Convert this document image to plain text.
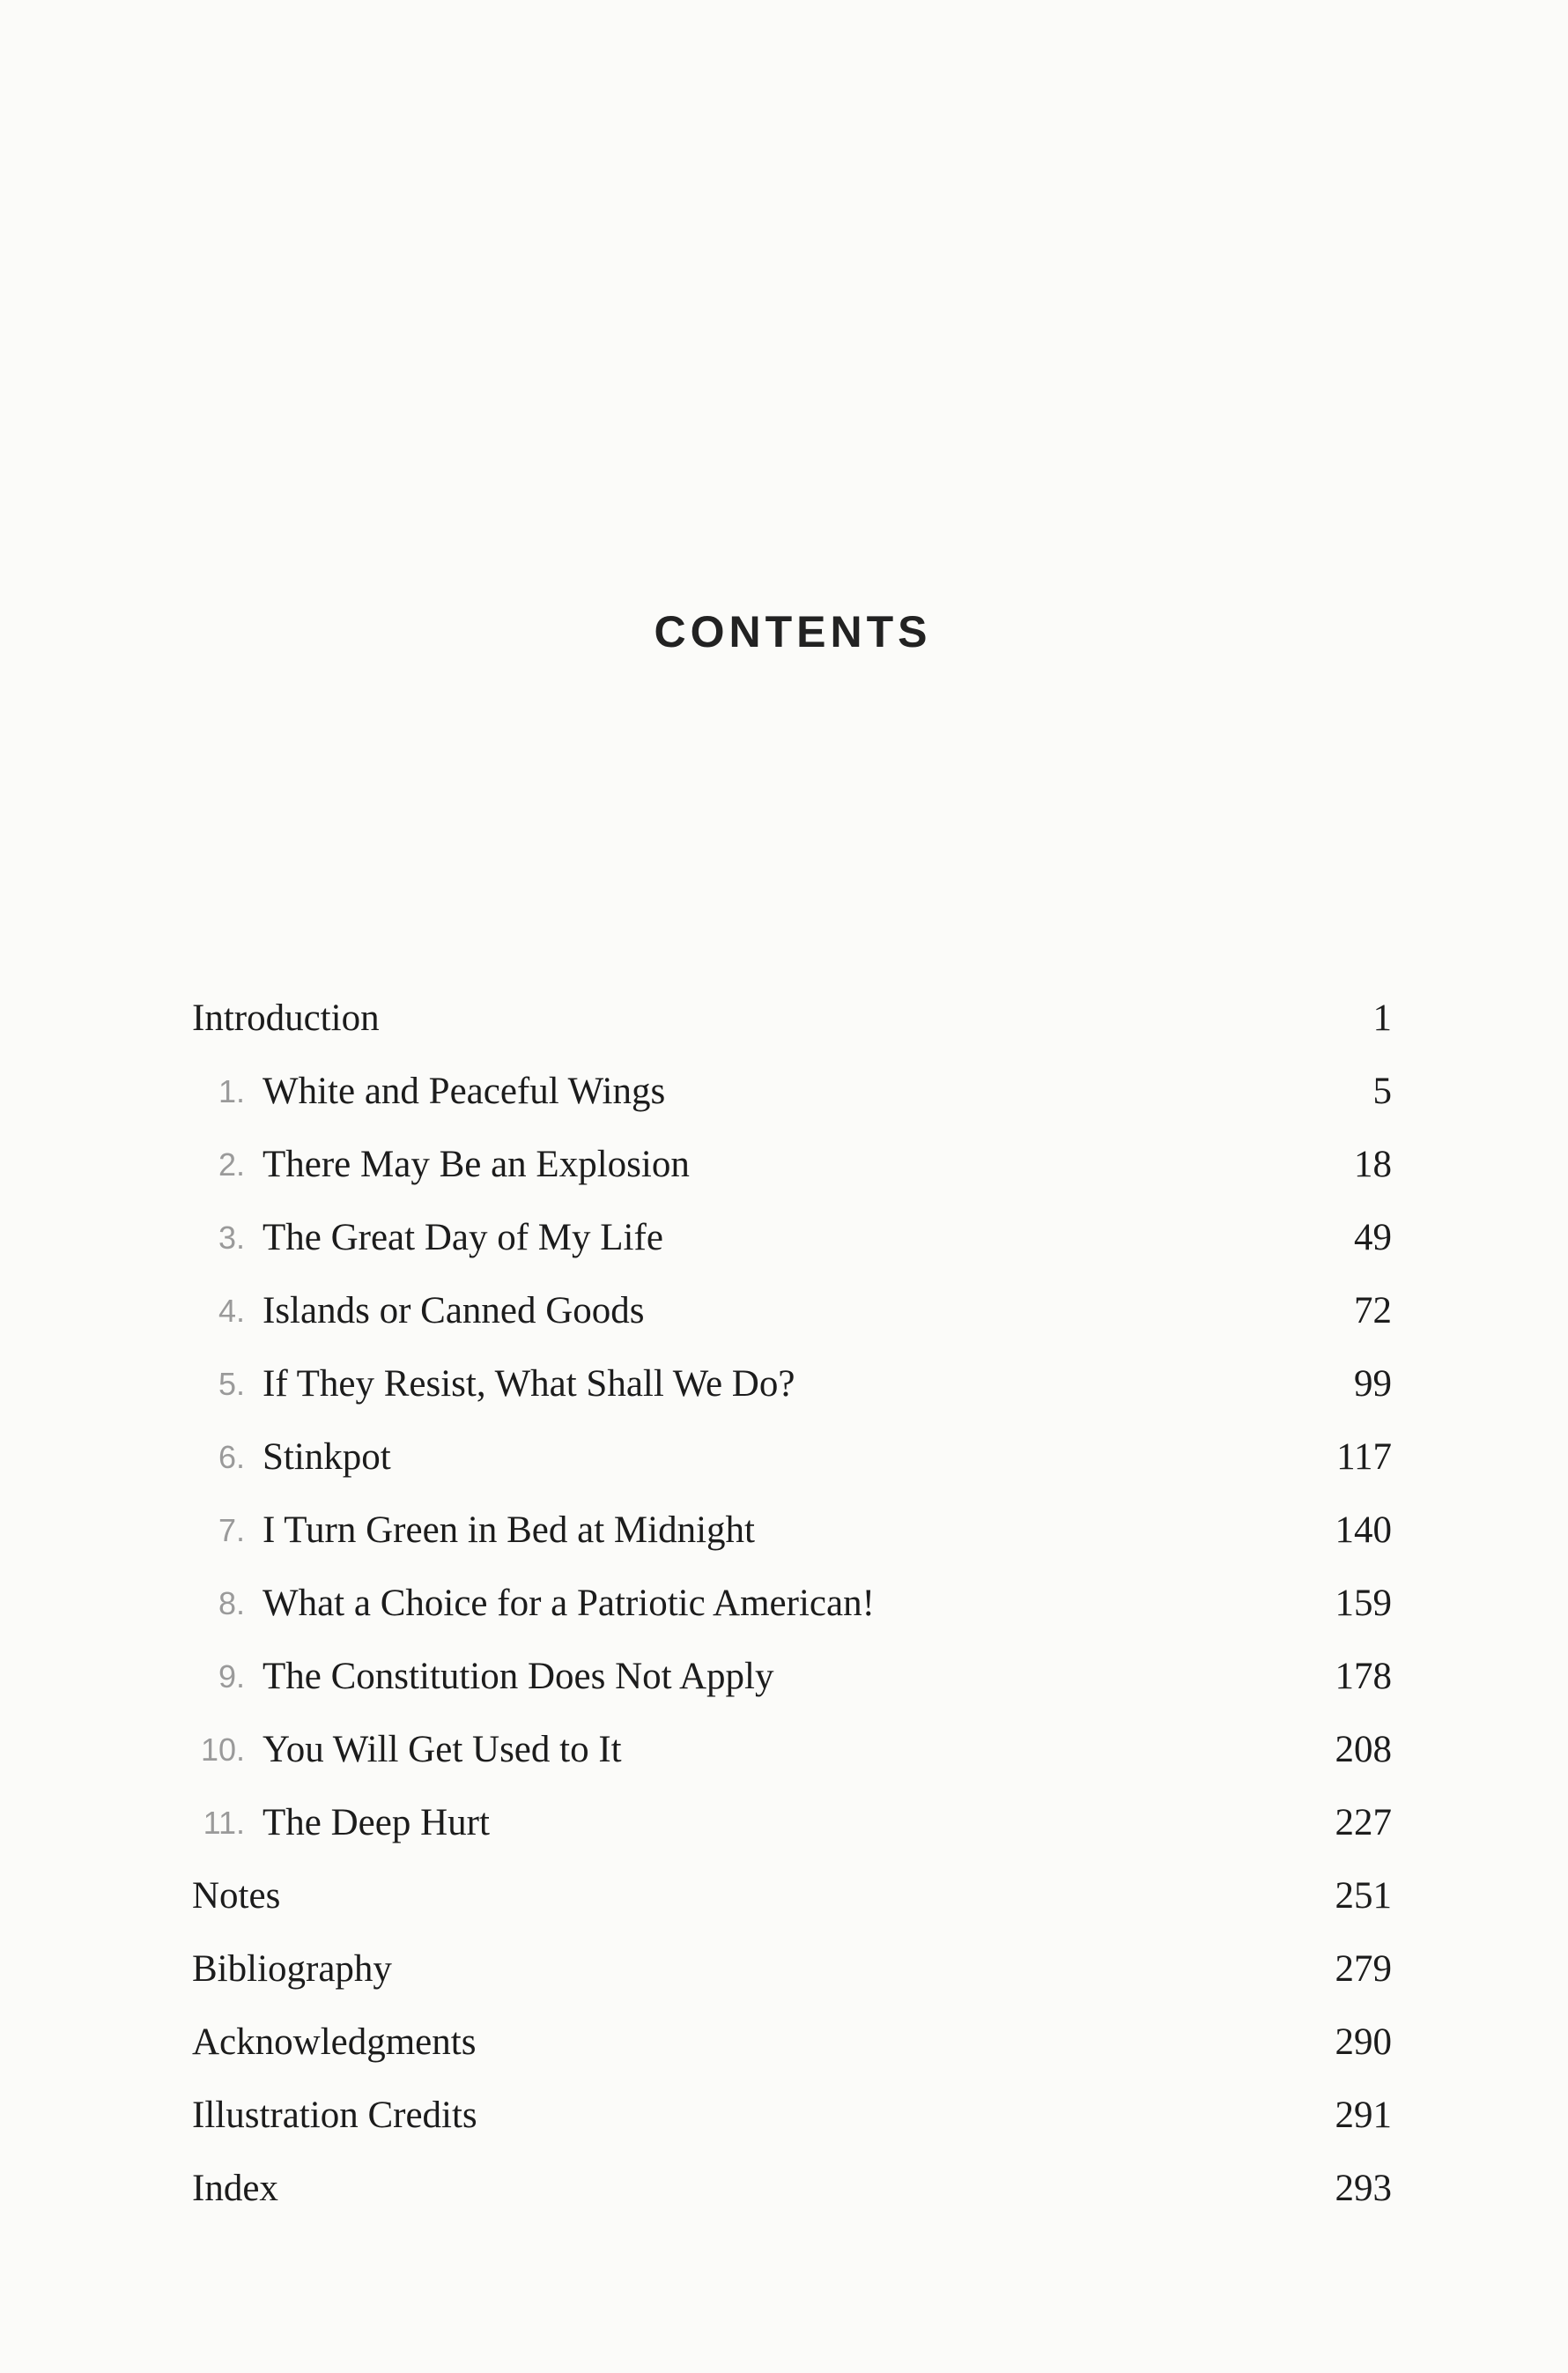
CONTENTS
Introduction	1
1. White and Peaceful Wings	5
2. There May Be an Explosion	18
3. The Great Day of My Life	49
4. Islands or Canned Goods	72
5. If They Resist, What Shall We Do?	99
6. Stinkpot	117
7. I Turn Green in Bed at Midnight	140
8. What a Choice for a Patriotic American!	159
9. The Constitution Does Not Apply	178
10. You Will Get Used to It	208
11. The Deep Hurt	227
Notes	251
Bibliography	279
Acknowledgments	290
Illustration Credits	291
Index	293
